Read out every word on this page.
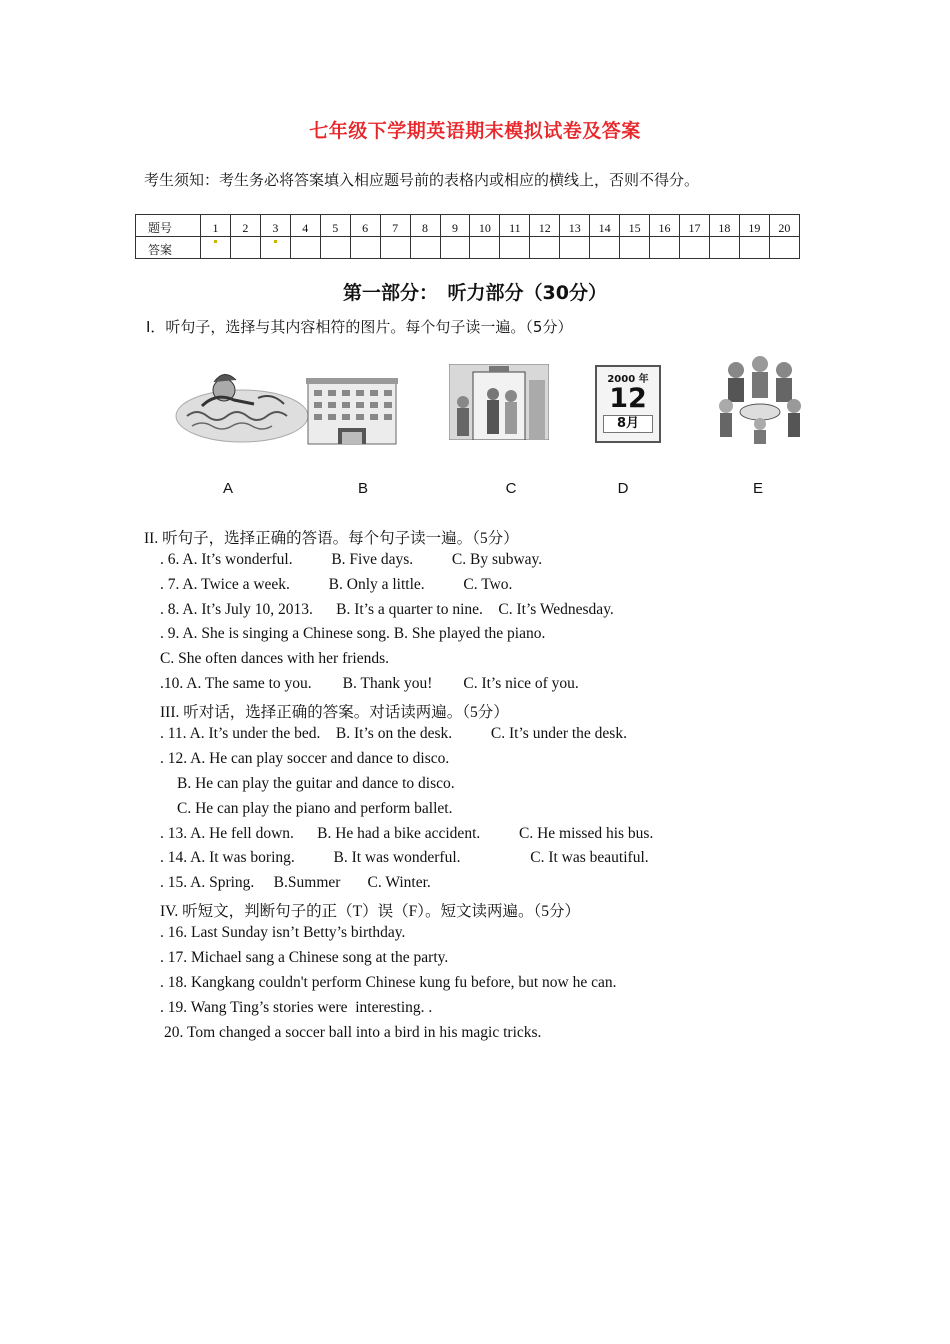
七年级下学期英语期末模拟试卷及答案
考生须知：考生务必将答案填入相应题号前的表格内或相应的横线上，否则不得分。
题号	1	2	3	4	5	6	7	8	9	10	11	12	13	14	15	16	17	18	19	20
答案	

第一部分：　听力部分（30分）
Ⅰ．听句子，选择与其内容相符的图片。每个句子读一遍。（5分）
2000 年
12
8月
A	B	C	D	E
II. 听句子，选择正确的答语。每个句子读一遍。（5分）
. 6. A. It’s wonderful.          B. Five days.          C. By subway.
. 7. A. Twice a week.          B. Only a little.          C. Two.
. 8. A. It’s July 10, 2013.      B. It’s a quarter to nine.    C. It’s Wednesday.
. 9. A. She is singing a Chinese song. B. She played the piano.
C. She often dances with her friends.
.10. A. The same to you.        B. Thank you!        C. It’s nice of you.
III. 听对话，选择正确的答案。对话读两遍。（5分）
. 11. A. It’s under the bed.    B. It’s on the desk.          C. It’s under the desk.
. 12. A. He can play soccer and dance to disco.
B. He can play the guitar and dance to disco.
C. He can play the piano and perform ballet.
. 13. A. He fell down.      B. He had a bike accident.          C. He missed his bus.
. 14. A. It was boring.          B. It was wonderful.                  C. It was beautiful.
. 15. A. Spring.     B.Summer       C. Winter.
IV. 听短文，判断句子的正（T）误（F）。短文读两遍。（5分）
. 16. Last Sunday isn’t Betty’s birthday.
. 17. Michael sang a Chinese song at the party.
. 18. Kangkang couldn't perform Chinese kung fu before, but now he can.
. 19. Wang Ting’s stories were  interesting. .
20. Tom changed a soccer ball into a bird in his magic tricks.
